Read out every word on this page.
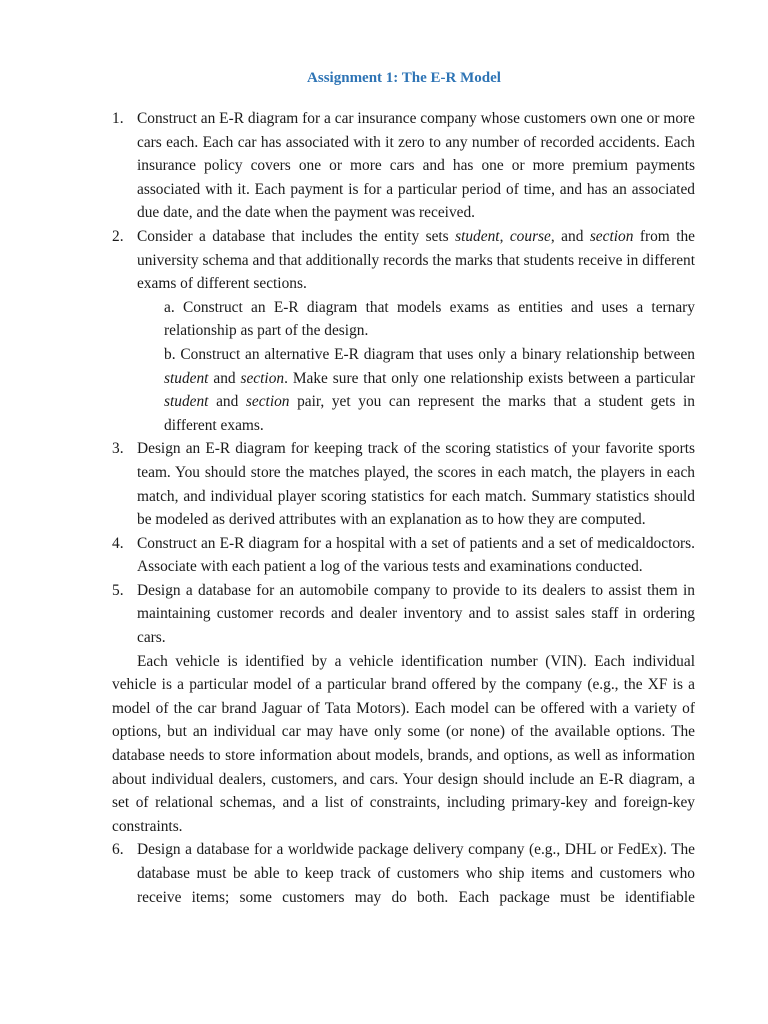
Assignment 1: The E-R Model
1. Construct an E-R diagram for a car insurance company whose customers own one or more cars each. Each car has associated with it zero to any number of recorded accidents. Each insurance policy covers one or more cars and has one or more premium payments associated with it. Each payment is for a particular period of time, and has an associated due date, and the date when the payment was received.
2. Consider a database that includes the entity sets student, course, and section from the university schema and that additionally records the marks that students receive in different exams of different sections.
a. Construct an E-R diagram that models exams as entities and uses a ternary relationship as part of the design.
b. Construct an alternative E-R diagram that uses only a binary relationship between student and section. Make sure that only one relationship exists between a particular student and section pair, yet you can represent the marks that a student gets in different exams.
3. Design an E-R diagram for keeping track of the scoring statistics of your favorite sports team. You should store the matches played, the scores in each match, the players in each match, and individual player scoring statistics for each match. Summary statistics should be modeled as derived attributes with an explanation as to how they are computed.
4. Construct an E-R diagram for a hospital with a set of patients and a set of medicaldoctors. Associate with each patient a log of the various tests and examinations conducted.
5. Design a database for an automobile company to provide to its dealers to assist them in maintaining customer records and dealer inventory and to assist sales staff in ordering cars.
Each vehicle is identified by a vehicle identification number (VIN). Each individual vehicle is a particular model of a particular brand offered by the company (e.g., the XF is a model of the car brand Jaguar of Tata Motors). Each model can be offered with a variety of options, but an individual car may have only some (or none) of the available options. The database needs to store information about models, brands, and options, as well as information about individual dealers, customers, and cars. Your design should include an E-R diagram, a set of relational schemas, and a list of constraints, including primary-key and foreign-key constraints.
6. Design a database for a worldwide package delivery company (e.g., DHL or FedEx). The database must be able to keep track of customers who ship items and customers who receive items; some customers may do both. Each package must be identifiable
